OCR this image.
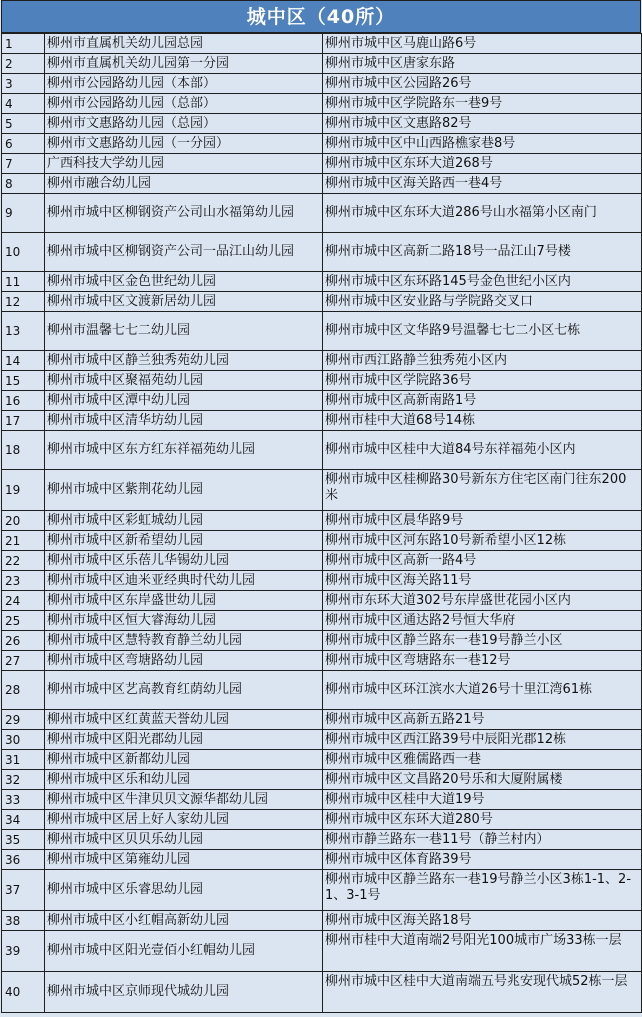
城中区（40所）
1	柳州市直属机关幼儿园总园	柳州市城中区马鹿山路6号
2	柳州市直属机关幼儿园第一分园	柳州市城中区唐家东路
3	柳州市公园路幼儿园（本部）	柳州市城中区公园路26号
4	柳州市公园路幼儿园（总部）	柳州市城中区学院路东一巷9号
5	柳州市文惠路幼儿园（总园）	柳州市城中区文惠路82号
6	柳州市文惠路幼儿园（一分园）	柳州市城中区中山西路樵家巷8号
7	广西科技大学幼儿园	柳州市城中区东环大道268号
8	柳州市融合幼儿园	柳州市城中区海关路西一巷4号
9	柳州市城中区柳钢资产公司山水福第幼儿园	柳州市城中区东环大道286号山水福第小区南门
10	柳州市城中区柳钢资产公司一品江山幼儿园	柳州市城中区高新二路18号一品江山7号楼
11	柳州市城中区金色世纪幼儿园	柳州市城中区东环路145号金色世纪小区内
12	柳州市城中区文渡新居幼儿园	柳州市城中区安业路与学院路交叉口
13	柳州市温馨七七二幼儿园	柳州市城中区文华路9号温馨七七二小区七栋
14	柳州市城中区静兰独秀苑幼儿园	柳州市西江路静兰独秀苑小区内
15	柳州市城中区聚福苑幼儿园	柳州市城中区学院路36号
16	柳州市城中区潭中幼儿园	柳州市城中区高新南路1号
17	柳州市城中区清华坊幼儿园	柳州市桂中大道68号14栋
18	柳州市城中区东方红东祥福苑幼儿园	柳州市城中区桂中大道84号东祥福苑小区内
19	柳州市城中区紫荆花幼儿园	柳州市城中区桂柳路30号新东方住宅区南门往东200米
20	柳州市城中区彩虹城幼儿园	柳州市城中区晨华路9号
21	柳州市城中区新希望幼儿园	柳州市城中区河东路10号新希望小区12栋
22	柳州市城中区乐蓓儿华锡幼儿园	柳州市城中区高新一路4号
23	柳州市城中区迪米亚经典时代幼儿园	柳州市城中区海关路11号
24	柳州市城中区东岸盛世幼儿园	柳州市东环大道302号东岸盛世花园小区内
25	柳州市城中区恒大睿海幼儿园	柳州市城中区通达路2号恒大华府
26	柳州市城中区慧特教育静兰幼儿园	柳州市城中区静兰路东一巷19号静兰小区
27	柳州市城中区弯塘路幼儿园	柳州市城中区弯塘路东一巷12号
28	柳州市城中区艺高教育红荫幼儿园	柳州市城中区环江滨水大道26号十里江湾61栋
29	柳州市城中区红黄蓝天誉幼儿园	柳州市城中区高新五路21号
30	柳州市城中区阳光郡幼儿园	柳州市城中区西江路39号中辰阳光郡12栋
31	柳州市城中区新都幼儿园	柳州市城中区雅儒路西一巷
32	柳州市城中区乐和幼儿园	柳州市城中区文昌路20号乐和大厦附属楼
33	柳州市城中区牛津贝贝文源华都幼儿园	柳州市城中区桂中大道19号
34	柳州市城中区居上好人家幼儿园	柳州市城中区东环大道280号
35	柳州市城中区贝贝乐幼儿园	柳州市静兰路东一巷11号（静兰村内）
36	柳州市城中区第雍幼儿园	柳州市城中区体育路39号
37	柳州市城中区乐睿思幼儿园	柳州市城中区静兰路东一巷19号静兰小区3栋1-1、2-1、3-1号
38	柳州市城中区小红帽高新幼儿园	柳州市城中区海关路18号
39	柳州市城中区阳光壹佰小红帽幼儿园	柳州市桂中大道南端2号阳光100城市广场33栋一层
40	柳州市城中区京师现代城幼儿园	柳州市城中区桂中大道南端五号兆安现代城52栋一层
